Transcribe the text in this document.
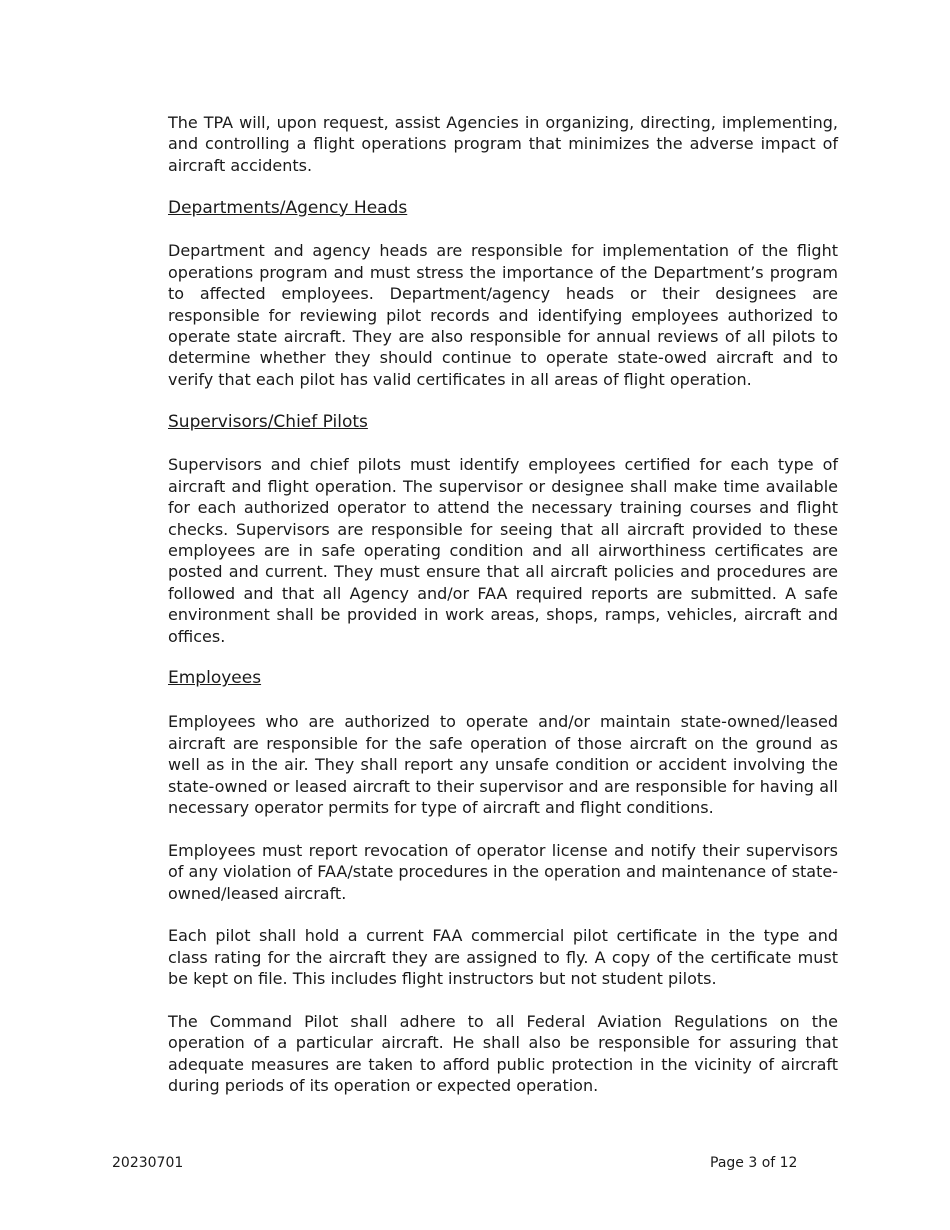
The TPA will, upon request, assist Agencies in organizing, directing, implementing, and controlling a flight operations program that minimizes the adverse impact of aircraft accidents.

Departments/Agency Heads

Department and agency heads are responsible for implementation of the flight operations program and must stress the importance of the Department’s program to affected employees. Department/agency heads or their designees are responsible for reviewing pilot records and identifying employees authorized to operate state aircraft. They are also responsible for annual reviews of all pilots to determine whether they should continue to operate state-owed aircraft and to verify that each pilot has valid certificates in all areas of flight operation.

Supervisors/Chief Pilots

Supervisors and chief pilots must identify employees certified for each type of aircraft and flight operation. The supervisor or designee shall make time available for each authorized operator to attend the necessary training courses and flight checks. Supervisors are responsible for seeing that all aircraft provided to these employees are in safe operating condition and all airworthiness certificates are posted and current. They must ensure that all aircraft policies and procedures are followed and that all Agency and/or FAA required reports are submitted. A safe environment shall be provided in work areas, shops, ramps, vehicles, aircraft and offices.

Employees

Employees who are authorized to operate and/or maintain state-owned/leased aircraft are responsible for the safe operation of those aircraft on the ground as well as in the air. They shall report any unsafe condition or accident involving the state-owned or leased aircraft to their supervisor and are responsible for having all necessary operator permits for type of aircraft and flight conditions.

Employees must report revocation of operator license and notify their supervisors of any violation of FAA/state procedures in the operation and maintenance of state-owned/leased aircraft.

Each pilot shall hold a current FAA commercial pilot certificate in the type and class rating for the aircraft they are assigned to fly. A copy of the certificate must be kept on file. This includes flight instructors but not student pilots.

The Command Pilot shall adhere to all Federal Aviation Regulations on the operation of a particular aircraft. He shall also be responsible for assuring that adequate measures are taken to afford public protection in the vicinity of aircraft during periods of its operation or expected operation.

20230701	Page 3 of 12
